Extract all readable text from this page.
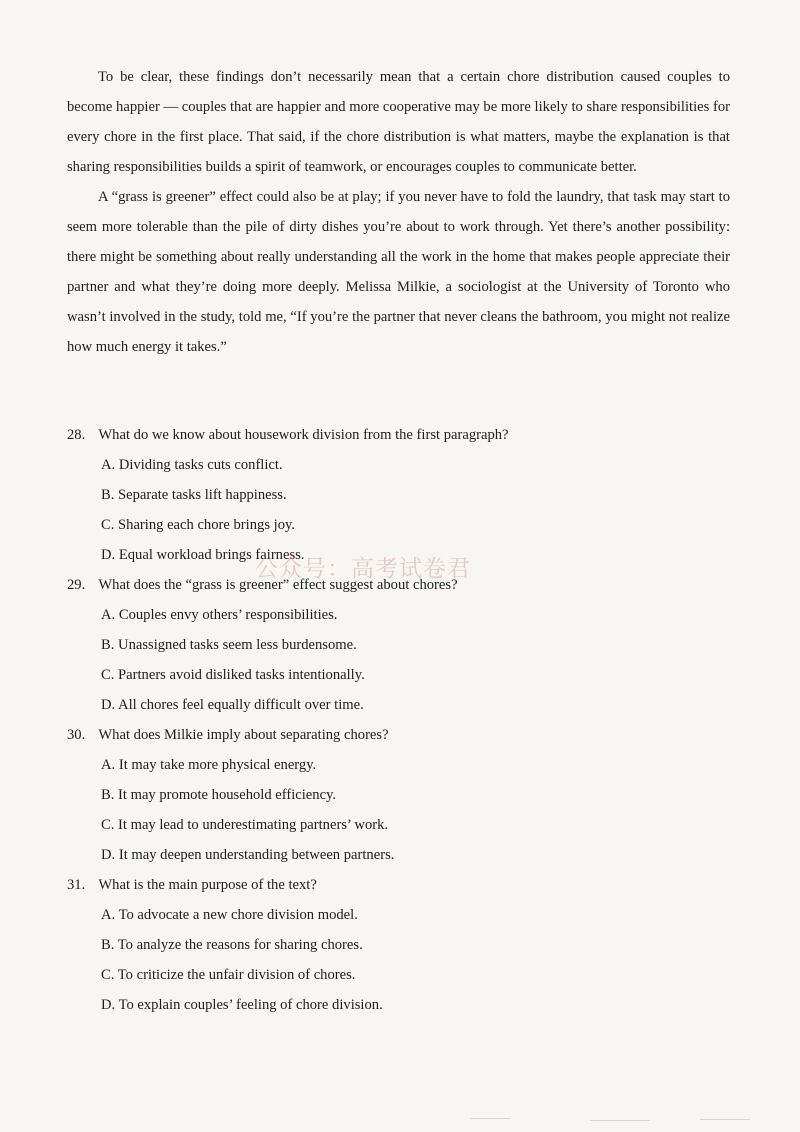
To be clear, these findings don’t necessarily mean that a certain chore distribution caused couples to become happier — couples that are happier and more cooperative may be more likely to share responsibilities for every chore in the first place. That said, if the chore distribution is what matters, maybe the explanation is that sharing responsibilities builds a spirit of teamwork, or encourages couples to communicate better.

A “grass is greener” effect could also be at play; if you never have to fold the laundry, that task may start to seem more tolerable than the pile of dirty dishes you’re about to work through. Yet there’s another possibility: there might be something about really understanding all the work in the home that makes people appreciate their partner and what they’re doing more deeply. Melissa Milkie, a sociologist at the University of Toronto who wasn’t involved in the study, told me, “If you’re the partner that never cleans the bathroom, you might not realize how much energy it takes.”

28. What do we know about housework division from the first paragraph?
A. Dividing tasks cuts conflict.
B. Separate tasks lift happiness.
C. Sharing each chore brings joy.
D. Equal workload brings fairness.
29. What does the “grass is greener” effect suggest about chores?
A. Couples envy others’ responsibilities.
B. Unassigned tasks seem less burdensome.
C. Partners avoid disliked tasks intentionally.
D. All chores feel equally difficult over time.
30. What does Milkie imply about separating chores?
A. It may take more physical energy.
B. It may promote household efficiency.
C. It may lead to underestimating partners’ work.
D. It may deepen understanding between partners.
31. What is the main purpose of the text?
A. To advocate a new chore division model.
B. To analyze the reasons for sharing chores.
C. To criticize the unfair division of chores.
D. To explain couples’ feeling of chore division.
公众号：高考试卷君
